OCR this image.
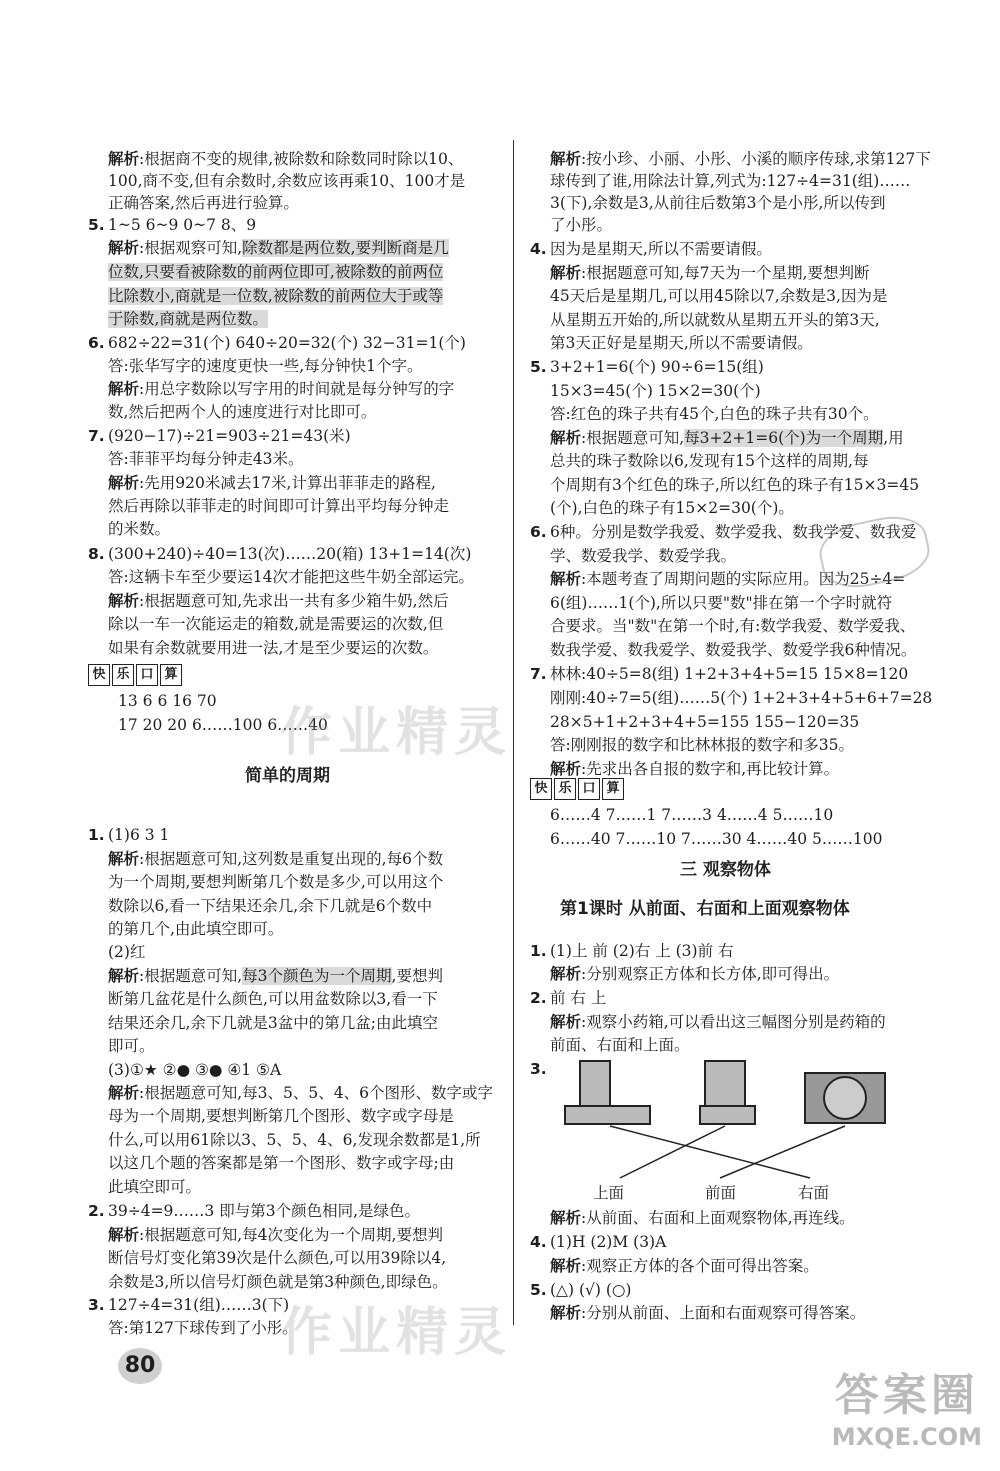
解析:根据商不变的规律,被除数和除数同时除以10、
100,商不变,但有余数时,余数应该再乘10、100才是
正确答案,然后再进行验算。
5. 1~5 6~9 0~7 8、9
解析:根据观察可知,除数都是两位数,要判断商是几
位数,只要看被除数的前两位即可,被除数的前两位
比除数小,商就是一位数,被除数的前两位大于或等
于除数,商就是两位数。
6. 682÷22=31(个) 640÷20=32(个) 32−31=1(个)
答:张华写字的速度更快一些,每分钟快1个字。
解析:用总字数除以写字用的时间就是每分钟写的字
数,然后把两个人的速度进行对比即可。
7. (920−17)÷21=903÷21=43(米)
答:菲菲平均每分钟走43米。
解析:先用920米减去17米,计算出菲菲走的路程,
然后再除以菲菲走的时间即可计算出平均每分钟走
的米数。
8. (300+240)÷40=13(次)……20(箱) 13+1=14(次)
答:这辆卡车至少要运14次才能把这些牛奶全部运完。
解析:根据题意可知,先求出一共有多少箱牛奶,然后
除以一车一次能运走的箱数,就是需要运的次数,但
如果有余数就要用进一法,才是至少要运的次数。
13 6 6 16 70
17 20 20 6……100 6……40
1. (1)6 3 1
解析:根据题意可知,这列数是重复出现的,每6个数
为一个周期,要想判断第几个数是多少,可以用这个
数除以6,看一下结果还余几,余下几就是6个数中
的第几个,由此填空即可。
(2)红
解析:根据题意可知,每3个颜色为一个周期,要想判
断第几盆花是什么颜色,可以用盆数除以3,看一下
结果还余几,余下几就是3盆中的第几盆;由此填空
即可。
(3)①★ ②● ③● ④1 ⑤A
解析:根据题意可知,每3、5、5、4、6个图形、数字或字
母为一个周期,要想判断第几个图形、数字或字母是
什么,可以用61除以3、5、5、4、6,发现余数都是1,所
以这几个题的答案都是第一个图形、数字或字母;由
此填空即可。
2. 39÷4=9……3 即与第3个颜色相同,是绿色。
解析:根据题意可知,每4次变化为一个周期,要想判
断信号灯变化第39次是什么颜色,可以用39除以4,
余数是3,所以信号灯颜色就是第3种颜色,即绿色。
3. 127÷4=31(组)……3(下)
答:第127下球传到了小彤。
解析:按小珍、小丽、小彤、小溪的顺序传球,求第127下
球传到了谁,用除法计算,列式为:127÷4=31(组)……
3(下),余数是3,从前往后数第3个是小彤,所以传到
了小彤。
4. 因为是星期天,所以不需要请假。
解析:根据题意可知,每7天为一个星期,要想判断
45天后是星期几,可以用45除以7,余数是3,因为是
从星期五开始的,所以就数从星期五开头的第3天,
第3天正好是星期天,所以不需要请假。
5. 3+2+1=6(个) 90÷6=15(组)
15×3=45(个) 15×2=30(个)
答:红色的珠子共有45个,白色的珠子共有30个。
解析:根据题意可知,每3+2+1=6(个)为一个周期,用
总共的珠子数除以6,发现有15个这样的周期,每
个周期有3个红色的珠子,所以红色的珠子有15×3=45
(个),白色的珠子有15×2=30(个)。
6. 6种。分别是数学我爱、数学爱我、数我学爱、数我爱
学、数爱我学、数爱学我。
解析:本题考查了周期问题的实际应用。因为25÷4=
6(组)……1(个),所以只要"数"排在第一个字时就符
合要求。当"数"在第一个时,有:数学我爱、数学爱我、
数我学爱、数我爱学、数爱我学、数爱学我6种情况。
7. 林林:40÷5=8(组) 1+2+3+4+5=15 15×8=120
刚刚:40÷7=5(组)……5(个) 1+2+3+4+5+6+7=28
28×5+1+2+3+4+5=155 155−120=35
答:刚刚报的数字和比林林报的数字和多35。
解析:先求出各自报的数字和,再比较计算。
6……4 7……1 7……3 4……4 5……10
6……40 7……10 7……30 4……40 5……100
1. (1)上 前 (2)右 上 (3)前 右
解析:分别观察正方体和长方体,即可得出。
2. 前 右 上
解析:观察小药箱,可以看出这三幅图分别是药箱的
前面、右面和上面。
3.
解析:从前面、右面和上面观察物体,再连线。
4. (1)H (2)M (3)A
解析:观察正方体的各个面可得出答案。
5. (△) (√) (○)
解析:分别从前面、上面和右面观察可得答案。
快 乐 口 算
快 乐 口 算
简单的周期
三 观察物体
第1课时 从前面、右面和上面观察物体
上面	前面	右面
80
作业精灵
作业精灵
答案圈
MXQE.COM
